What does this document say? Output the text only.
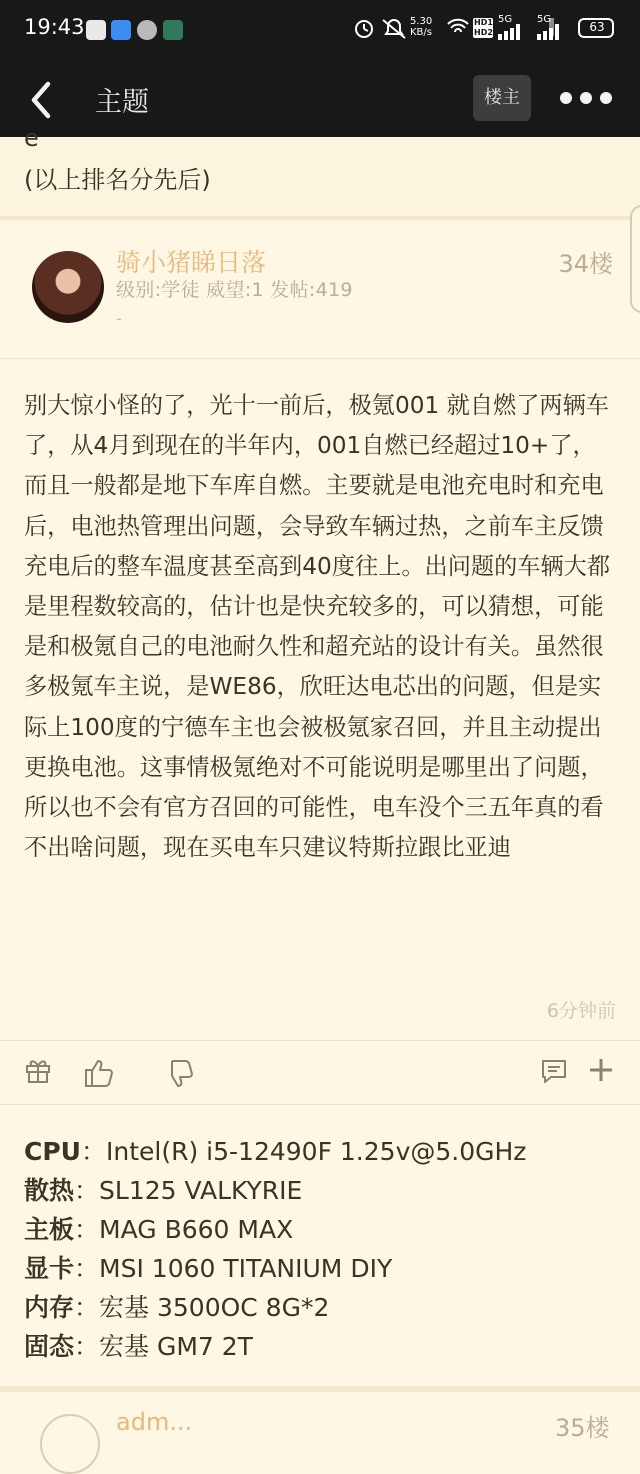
19:43	5.30
KB/s
HD1
HD2
5G 5G
63
主题	楼主
e
(以上排名分先后)
骑小猪睇日落
级别:学徒 威望:1 发帖:419
-
34楼
别大惊小怪的了，光十一前后，极氪001 就自燃了两辆车了，从4月到现在的半年内，001自燃已经超过10+了，而且一般都是地下车库自燃。主要就是电池充电时和充电后，电池热管理出问题，会导致车辆过热，之前车主反馈充电后的整车温度甚至高到40度往上。出问题的车辆大都是里程数较高的，估计也是快充较多的，可以猜想，可能是和极氪自己的电池耐久性和超充站的设计有关。虽然很多极氪车主说，是WE86，欣旺达电芯出的问题，但是实际上100度的宁德车主也会被极氪家召回，并且主动提出更换电池。这事情极氪绝对不可能说明是哪里出了问题，所以也不会有官方召回的可能性，电车没个三五年真的看不出啥问题，现在买电车只建议特斯拉跟比亚迪
6分钟前
CPU：Intel(R) i5-12490F 1.25v@5.0GHz
散热：SL125 VALKYRIE
主板：MAG B660 MAX
显卡：MSI 1060 TITANIUM DIY
内存：宏基 3500OC 8G*2
固态：宏基 GM7 2T
adm...	35楼
